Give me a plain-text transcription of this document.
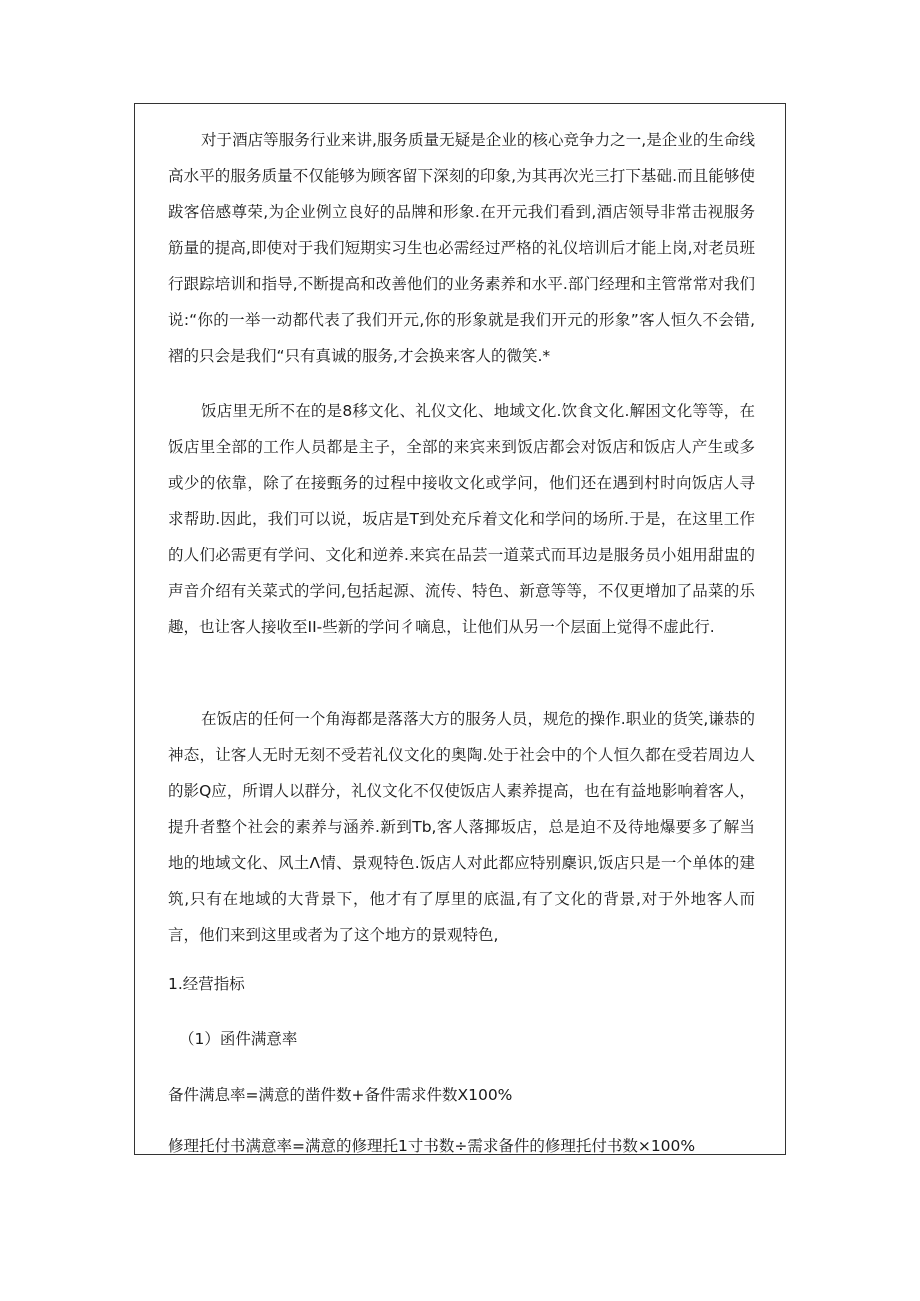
对于酒店等服务行业来讲,服务质量无疑是企业的核心竞争力之一,是企业的生命线高水平的服务质量不仅能够为顾客留下深刻的印象,为其再次光三打下基础.而且能够使跋客倍感尊荣,为企业例立良好的品牌和形象.在开元我们看到,酒店领导非常击视服务筋量的提高,即使对于我们短期实习生也必需经过严格的礼仪培训后才能上岗,对老员班行跟踪培训和指导,不断提高和改善他们的业务素养和水平.部门经理和主管常常对我们说:“你的一举一动都代表了我们开元,你的形象就是我们开元的形象”客人恒久不会错,褶的只会是我们“只有真诚的服务,才会换来客人的微笑.*

饭店里无所不在的是8移文化、礼仪文化、地域文化.饮食文化.解困文化等等，在饭店里全部的工作人员都是主子，全部的来宾来到饭店都会对饭店和饭店人产生或多或少的依靠，除了在接甄务的过程中接收文化或学问，他们还在遇到村时向饭店人寻求帮助.因此，我们可以说，坂店是T到处充斥着文化和学问的场所.于是，在这里工作的人们必需更有学问、文化和逆养.来宾在品芸一道菜式而耳边是服务员小姐用甜盅的声音介绍有关菜式的学问,包括起源、流传、特色、新意等等，不仅更增加了品菜的乐趣，也让客人接收至II-些新的学问彳嘀息，让他们从另一个层面上觉得不虚此行.

在饭店的任何一个角海都是落落大方的服务人员，规危的操作.职业的货笑,谦恭的神态，让客人无时无刻不受若礼仪文化的奥陶.处于社会中的个人恒久都在受若周边人的影Q应，所谓人以群分，礼仪文化不仅使饭店人素养提高，也在有益地影响着客人，提升者整个社会的素养与涵养.新到Tb,客人落揶坂店，总是迫不及待地爆要多了解当地的地域文化、风土Λ情、景观特色.饭店人对此都应特别麇识,饭店只是一个单体的建筑,只有在地域的大背景下，他才有了厚里的底温,有了文化的背景,对于外地客人而言，他们来到这里或者为了这个地方的景观特色,

1.经营指标

（1）函件满意率

备件满息率=满意的凿件数+备件需求件数X100%

修理托付书满意率=满意的修理托1寸书数÷需求备件的修理托付书数×100%
